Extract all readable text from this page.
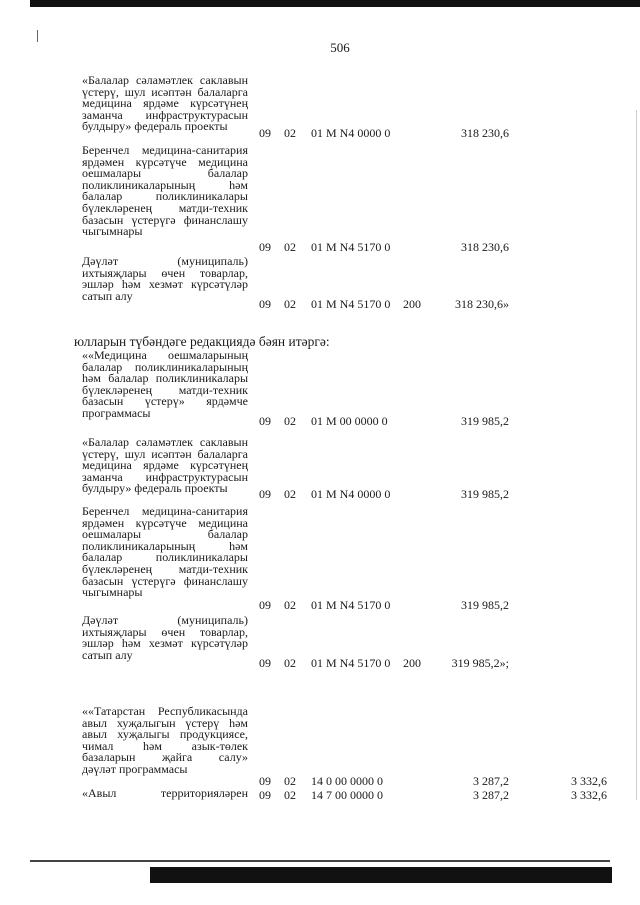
506
«Балалар сәламәтлек саклавын
үстерү, шул исәптән балаларга
медицина ярдәме күрсәтүнең
заманча инфраструктурасын
булдыру» федераль проекты	09 02 01 М N4 0000 0	318 230,6
Беренчел медицина-санитария
ярдәмен күрсәтүче медицина
оешмалары балалар
поликлиникаларының һәм
балалар поликлиникалары
бүлекләренең матди-техник
базасын үстерүгә финанслашу
чыгымнары
09 02 01 М N4 5170 0	318 230,6
Дәүләт (муниципаль)
ихтыяҗлары өчен товарлар,
эшләр һәм хезмәт күрсәтүләр
сатып алу
09 02 01 М N4 5170 0 200	318 230,6»
юлларын түбәндәге редакциядә бәян итәргә:
««Медицина оешмаларының
балалар поликлиникаларының
һәм балалар поликлиникалары
бүлекләренең матди-техник
базасын үстерү» ярдәмче
программасы
09 02 01 М 00 0000 0	319 985,2
«Балалар сәламәтлек саклавын
үстерү, шул исәптән балаларга
медицина ярдәме күрсәтүнең
заманча инфраструктурасын
булдыру» федераль проекты	09 02 01 М N4 0000 0	319 985,2
Беренчел медицина-санитария
ярдәмен күрсәтүче медицина
оешмалары балалар
поликлиникаларының һәм
балалар поликлиникалары
бүлекләренең матди-техник
базасын үстерүгә финанслашу
чыгымнары
09 02 01 М N4 5170 0	319 985,2
Дәүләт (муниципаль)
ихтыяҗлары өчен товарлар,
эшләр һәм хезмәт күрсәтүләр
сатып алу
09 02 01 М N4 5170 0 200	319 985,2»;
««Татарстан Республикасында
авыл хуҗалыгын үстерү һәм
авыл хуҗалыгы продукциясе,
чимал һәм азык-төлек
базаларын җайга салу»
дәүләт программасы
09 02 14 0 00 0000 0	3 287,2	3 332,6
«Авыл территорияләрен 09 02 14 7 00 0000 0	3 287,2	3 332,6
